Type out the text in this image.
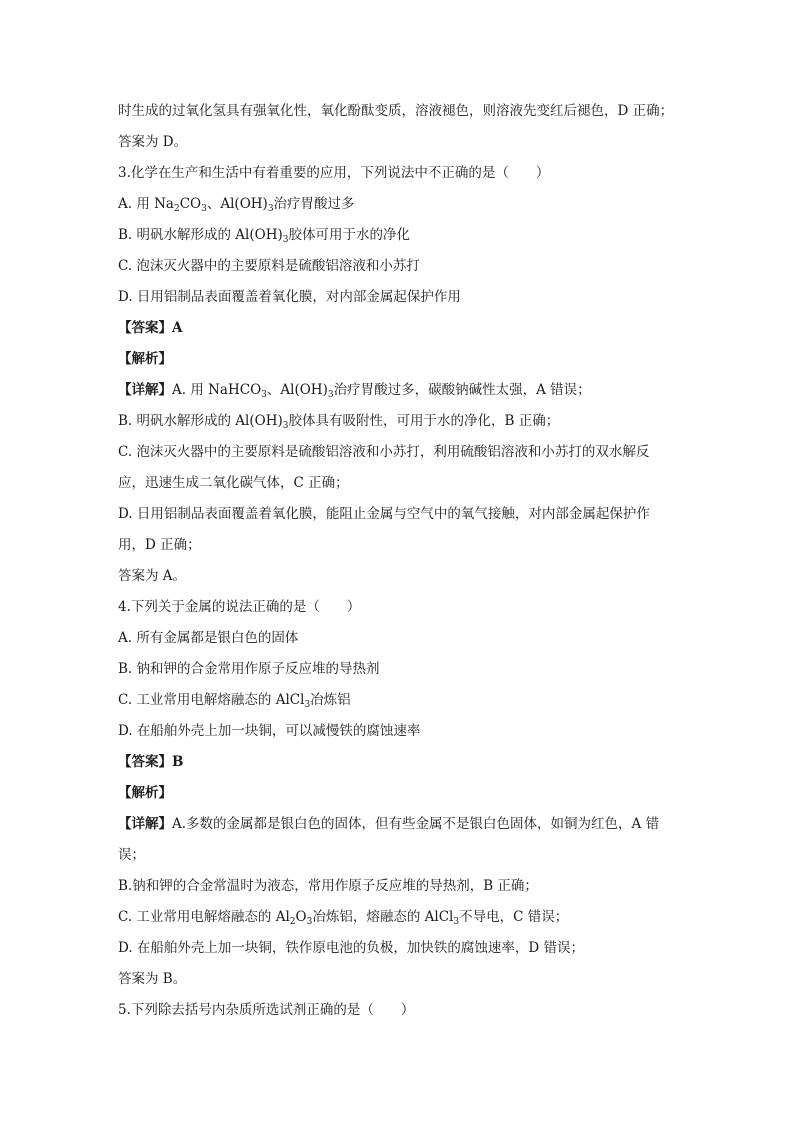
时生成的过氧化氢具有强氧化性，氧化酚酞变质，溶液褪色，则溶液先变红后褪色，D 正确；
答案为 D。
3.化学在生产和生活中有着重要的应用，下列说法中不正确的是（　　）
A. 用 $Na_2CO_3$、$Al(OH)_3$治疗胃酸过多
B. 明矾水解形成的 $Al(OH)_3$胶体可用于水的净化
C. 泡沫灭火器中的主要原料是硫酸铝溶液和小苏打
D. 日用铝制品表面覆盖着氧化膜，对内部金属起保护作用
【答案】A
【解析】
【详解】A. 用 NaHCO$_3$、$Al(OH)_3$治疗胃酸过多，碳酸钠碱性太强，A 错误；
B. 明矾水解形成的 $Al(OH)_3$胶体具有吸附性，可用于水的净化，B 正确；
C. 泡沫灭火器中的主要原料是硫酸铝溶液和小苏打，利用硫酸铝溶液和小苏打的双水解反
应，迅速生成二氧化碳气体，C 正确；
D. 日用铝制品表面覆盖着氧化膜，能阻止金属与空气中的氧气接触，对内部金属起保护作
用，D 正确；
答案为 A。
4.下列关于金属的说法正确的是（　　）
A. 所有金属都是银白色的固体
B. 钠和钾的合金常用作原子反应堆的导热剂
C. 工业常用电解熔融态的 AlCl$_3$冶炼铝
D. 在船舶外壳上加一块铜，可以减慢铁的腐蚀速率
【答案】B
【解析】
【详解】A.多数的金属都是银白色的固体，但有些金属不是银白色固体，如铜为红色，A 错
误；
B.钠和钾的合金常温时为液态，常用作原子反应堆的导热剂，B 正确；
C. 工业常用电解熔融态的 $Al_2O_3$冶炼铝，熔融态的 AlCl$_3$不导电，C 错误；
D. 在船舶外壳上加一块铜，铁作原电池的负极，加快铁的腐蚀速率，D 错误；
答案为 B。
5.下列除去括号内杂质所选试剂正确的是（　　）
